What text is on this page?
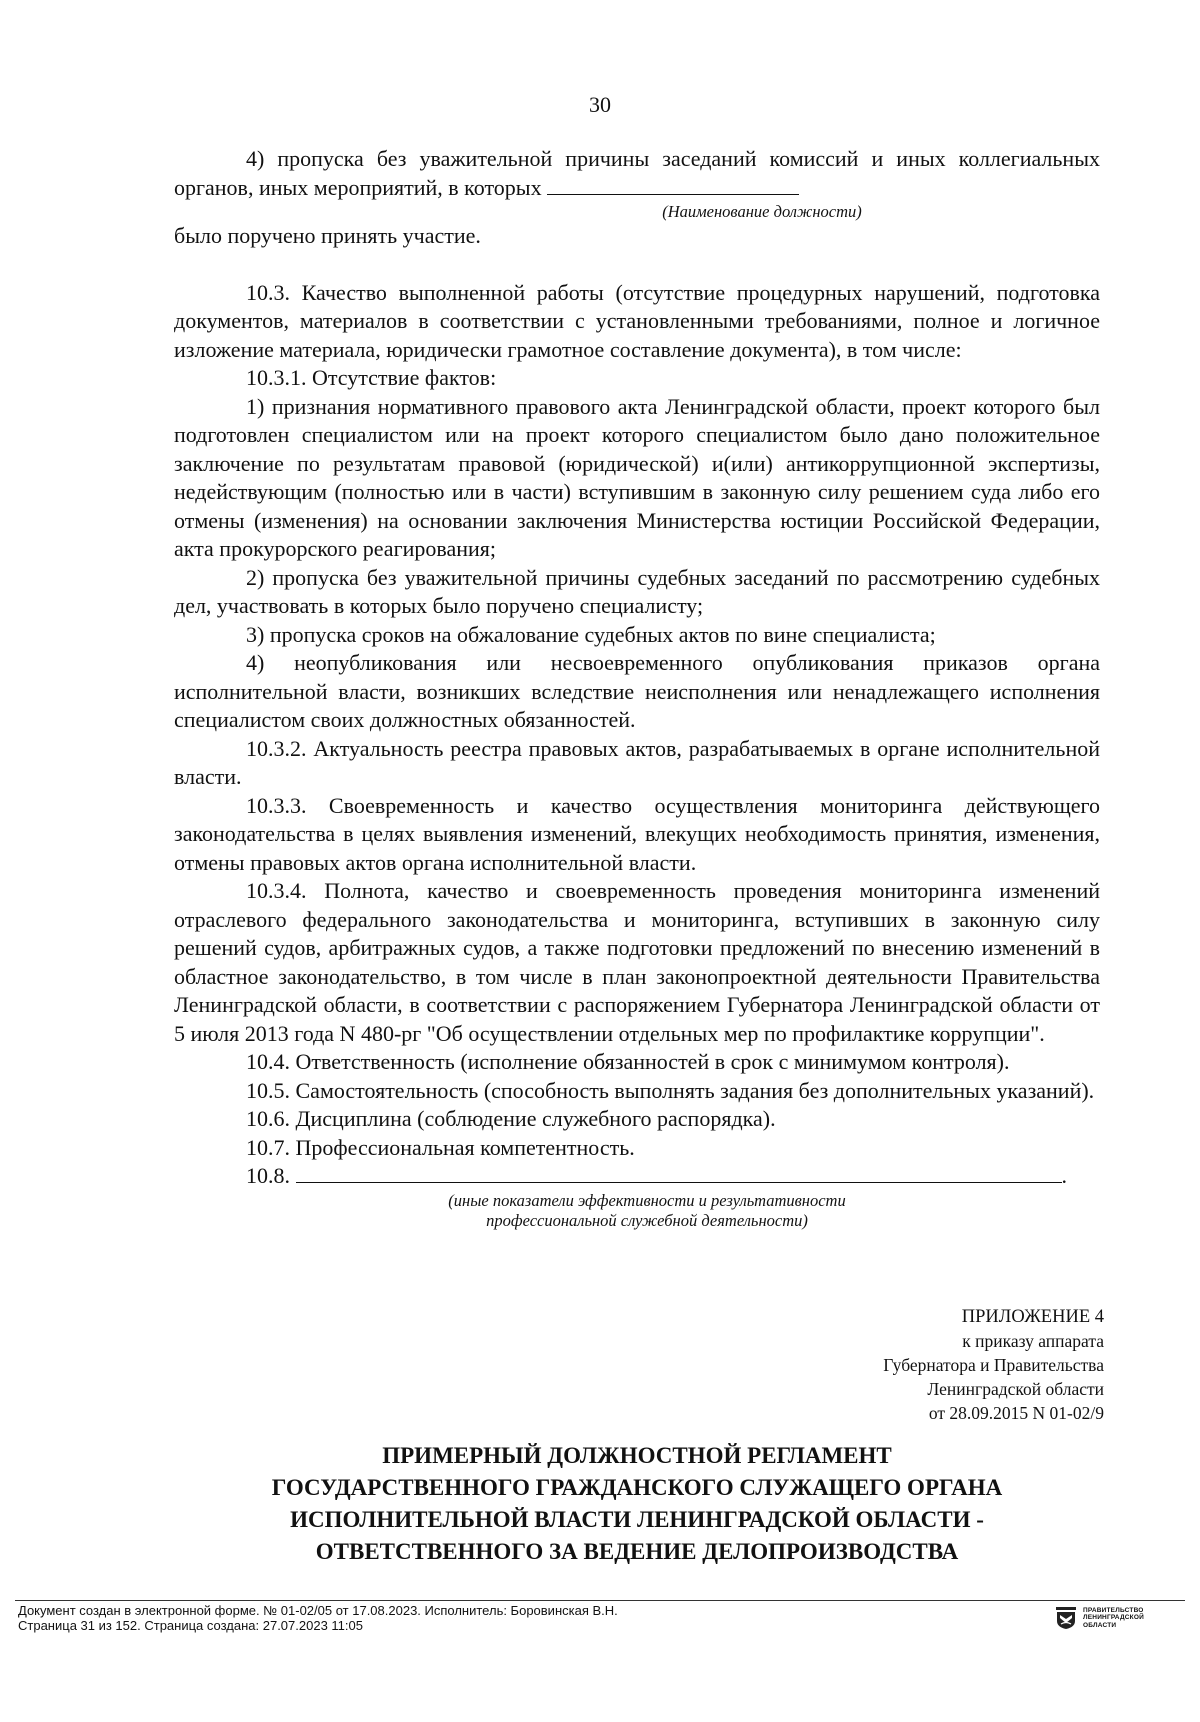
30

4) пропуска без уважительной причины заседаний комиссий и иных коллегиальных органов, иных мероприятий, в которых

(Наименование должности)

было поручено принять участие.

10.3. Качество выполненной работы (отсутствие процедурных нарушений, подготовка документов, материалов в соответствии с установленными требованиями, полное и логичное изложение материала, юридически грамотное составление документа), в том числе:

10.3.1. Отсутствие фактов:

1) признания нормативного правового акта Ленинградской области, проект которого был подготовлен специалистом или на проект которого специалистом было дано положительное заключение по результатам правовой (юридической) и(или) антикоррупционной экспертизы, недействующим (полностью или в части) вступившим в законную силу решением суда либо его отмены (изменения) на основании заключения Министерства юстиции Российской Федерации, акта прокурорского реагирования;

2) пропуска без уважительной причины судебных заседаний по рассмотрению судебных дел, участвовать в которых было поручено специалисту;

3) пропуска сроков на обжалование судебных актов по вине специалиста;

4) неопубликования или несвоевременного опубликования приказов органа исполнительной власти, возникших вследствие неисполнения или ненадлежащего исполнения специалистом своих должностных обязанностей.

10.3.2. Актуальность реестра правовых актов, разрабатываемых в органе исполнительной власти.

10.3.3. Своевременность и качество осуществления мониторинга действующего законодательства в целях выявления изменений, влекущих необходимость принятия, изменения, отмены правовых актов органа исполнительной власти.

10.3.4. Полнота, качество и своевременность проведения мониторинга изменений отраслевого федерального законодательства и мониторинга, вступивших в законную силу решений судов, арбитражных судов, а также подготовки предложений по внесению изменений в областное законодательство, в том числе в план законопроектной деятельности Правительства Ленинградской области, в соответствии с распоряжением Губернатора Ленинградской области от 5 июля 2013 года N 480-рг "Об осуществлении отдельных мер по профилактике коррупции".

10.4. Ответственность (исполнение обязанностей в срок с минимумом контроля).

10.5. Самостоятельность (способность выполнять задания без дополнительных указаний).

10.6. Дисциплина (соблюдение служебного распорядка).

10.7. Профессиональная компетентность.

10.8.	.

(иные показатели эффективности и результативности
профессиональной служебной деятельности)
ПРИЛОЖЕНИЕ 4
к приказу аппарата
Губернатора и Правительства
Ленинградской области
от 28.09.2015 N 01-02/9
ПРИМЕРНЫЙ ДОЛЖНОСТНОЙ РЕГЛАМЕНТ
ГОСУДАРСТВЕННОГО ГРАЖДАНСКОГО СЛУЖАЩЕГО ОРГАНА
ИСПОЛНИТЕЛЬНОЙ ВЛАСТИ ЛЕНИНГРАДСКОЙ ОБЛАСТИ -
ОТВЕТСТВЕННОГО ЗА ВЕДЕНИЕ ДЕЛОПРОИЗВОДСТВА
Документ создан в электронной форме. № 01-02/05 от 17.08.2023. Исполнитель: Боровинская В.Н.
Страница 31 из 152. Страница создана: 27.07.2023 11:05
ПРАВИТЕЛЬСТВО
ЛЕНИНГРАДСКОЙ
ОБЛАСТИ
